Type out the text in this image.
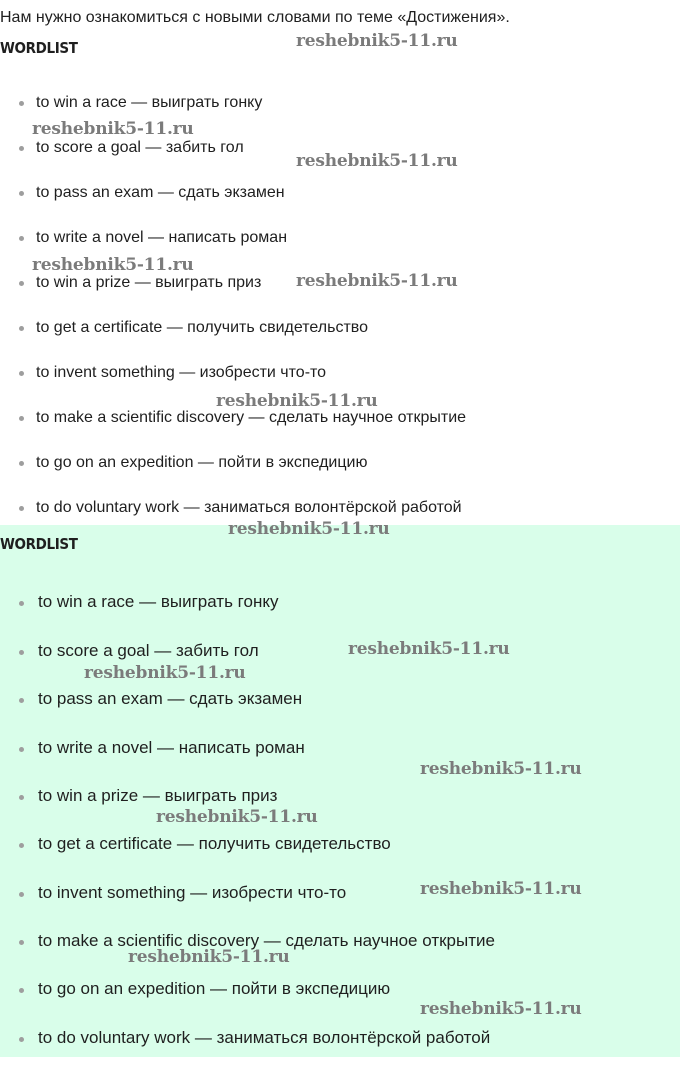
Нам нужно ознакомиться с новыми словами по теме «Достижения».
WORDLIST
to win a race — выиграть гонку
to score a goal — забить гол
to pass an exam — сдать экзамен
to write a novel — написать роман
to win a prize — выиграть приз
to get a certificate — получить свидетельство
to invent something — изобрести что-то
to make a scientific discovery — сделать научное открытие
to go on an expedition — пойти в экспедицию
to do voluntary work — заниматься волонтёрской работой
WORDLIST
to win a race — выиграть гонку
to score a goal — забить гол
to pass an exam — сдать экзамен
to write a novel — написать роман
to win a prize — выиграть приз
to get a certificate — получить свидетельство
to invent something — изобрести что-то
to make a scientific discovery — сделать научное открытие
to go on an expedition — пойти в экспедицию
to do voluntary work — заниматься волонтёрской работой
reshebnik5-11.ru
reshebnik5-11.ru
reshebnik5-11.ru
reshebnik5-11.ru
reshebnik5-11.ru
reshebnik5-11.ru
reshebnik5-11.ru
reshebnik5-11.ru
reshebnik5-11.ru
reshebnik5-11.ru
reshebnik5-11.ru
reshebnik5-11.ru
reshebnik5-11.ru
reshebnik5-11.ru
